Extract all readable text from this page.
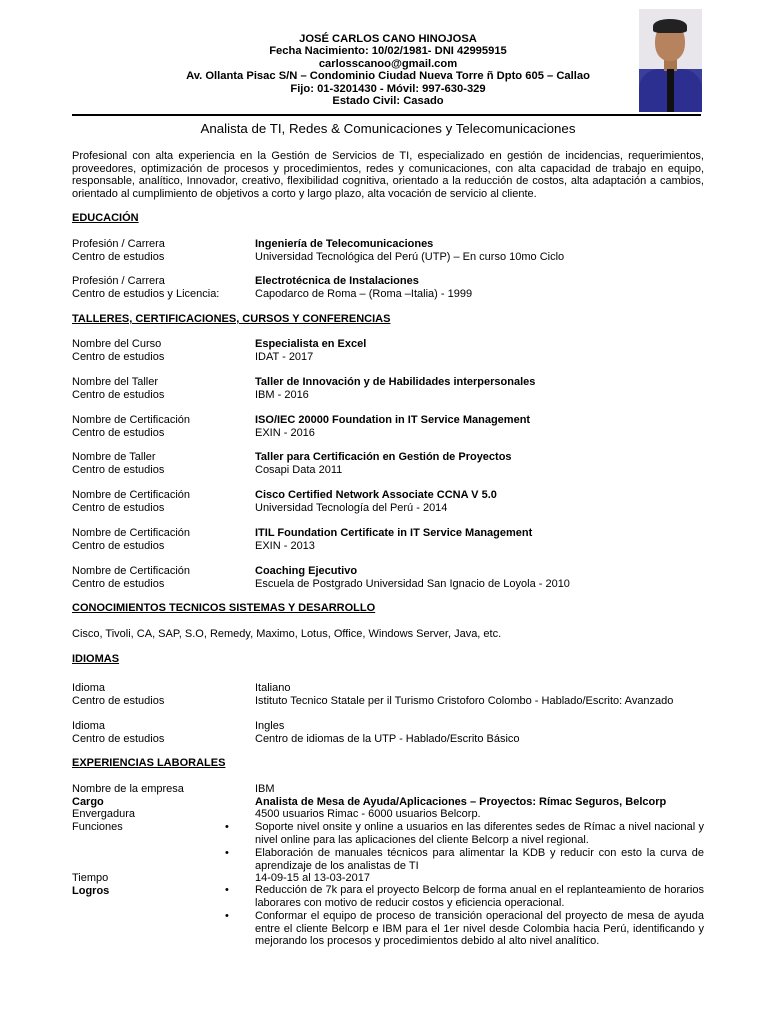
JOSÉ CARLOS CANO HINOJOSA
Fecha Nacimiento: 10/02/1981- DNI 42995915
carlosscanoo@gmail.com
Av. Ollanta Pisac S/N – Condominio Ciudad Nueva Torre ñ Dpto 605 – Callao
Fijo: 01-3201430 - Móvil: 997-630-329
Estado Civil: Casado
Analista de TI, Redes & Comunicaciones y Telecomunicaciones
Profesional con alta experiencia en la Gestión de Servicios de TI, especializado en gestión de incidencias, requerimientos, proveedores, optimización de procesos y procedimientos, redes y comunicaciones, con alta capacidad de trabajo en equipo, responsable, analítico, Innovador, creativo, flexibilidad cognitiva, orientado a la reducción de costos, alta adaptación a cambios, orientado al cumplimiento de objetivos a corto y largo plazo, alta vocación de servicio al cliente.
EDUCACIÓN
Profesión / Carrera	Ingeniería de Telecomunicaciones
Centro de estudios	Universidad Tecnológica del Perú (UTP) – En curso 10mo Ciclo
Profesión / Carrera	Electrotécnica de Instalaciones
Centro de estudios y Licencia:	Capodarco de Roma – (Roma –Italia) - 1999
TALLERES, CERTIFICACIONES, CURSOS Y CONFERENCIAS
Nombre del Curso	Especialista en Excel
Centro de estudios	IDAT - 2017
Nombre del Taller	Taller de Innovación y de Habilidades interpersonales
Centro de estudios	IBM - 2016
Nombre de Certificación	ISO/IEC 20000 Foundation in IT Service Management
Centro de estudios	EXIN - 2016
Nombre de Taller	Taller para Certificación en Gestión de Proyectos
Centro de estudios	Cosapi Data 2011
Nombre de Certificación	Cisco Certified Network Associate CCNA V 5.0
Centro de estudios	Universidad Tecnología del Perú - 2014
Nombre de Certificación	ITIL Foundation Certificate in IT Service Management
Centro de estudios	EXIN - 2013
Nombre de Certificación	Coaching Ejecutivo
Centro de estudios	Escuela de Postgrado Universidad San Ignacio de Loyola - 2010
CONOCIMIENTOS TECNICOS SISTEMAS Y DESARROLLO
Cisco, Tivoli, CA, SAP, S.O, Remedy, Maximo, Lotus, Office, Windows Server, Java, etc.
IDIOMAS
Idioma	Italiano
Centro de estudios	Istituto Tecnico Statale per il Turismo Cristoforo Colombo - Hablado/Escrito: Avanzado
Idioma	Ingles
Centro de estudios	Centro de idiomas de la UTP - Hablado/Escrito Básico
EXPERIENCIAS LABORALES
Nombre de la empresa	IBM
Cargo	Analista de Mesa de Ayuda/Aplicaciones – Proyectos: Rímac Seguros, Belcorp
Envergadura	4500 usuarios Rimac - 6000 usuarios Belcorp.
Funciones	• Soporte nivel onsite y online a usuarios en las diferentes sedes de Rímac a nivel nacional y nivel online para las aplicaciones del cliente Belcorp a nivel regional.
• Elaboración de manuales técnicos para alimentar la KDB y reducir con esto la curva de aprendizaje de los analistas de TI
Tiempo	14-09-15 al 13-03-2017
Logros	• Reducción de 7k para el proyecto Belcorp de forma anual en el replanteamiento de horarios laborares con motivo de reducir costos y eficiencia operacional.
• Conformar el equipo de proceso de transición operacional del proyecto de mesa de ayuda entre el cliente Belcorp e IBM para el 1er nivel desde Colombia hacia Perú, identificando y mejorando los procesos y procedimientos debido al alto nivel analítico.
